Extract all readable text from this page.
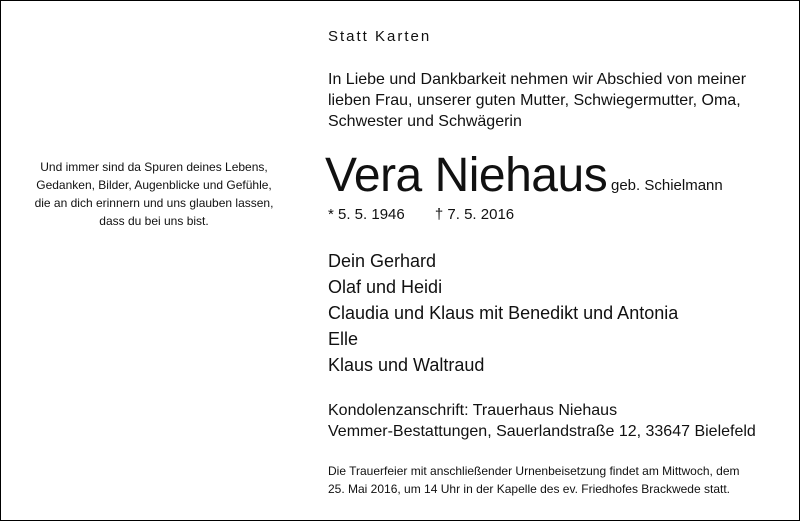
Statt Karten
In Liebe und Dankbarkeit nehmen wir Abschied von meiner
lieben Frau, unserer guten Mutter, Schwiegermutter, Oma,
Schwester und Schwägerin
Und immer sind da Spuren deines Lebens,
Gedanken, Bilder, Augenblicke und Gefühle,
die an dich erinnern und uns glauben lassen,
dass du bei uns bist.
Vera Niehaus geb. Schielmann
* 5. 5. 1946 † 7. 5. 2016
Dein Gerhard
Olaf und Heidi
Claudia und Klaus mit Benedikt und Antonia
Elle
Klaus und Waltraud
Kondolenzanschrift: Trauerhaus Niehaus
Vemmer-Bestattungen, Sauerlandstraße 12, 33647 Bielefeld
Die Trauerfeier mit anschließender Urnenbeisetzung findet am Mittwoch, dem
25. Mai 2016, um 14 Uhr in der Kapelle des ev. Friedhofes Brackwede statt.
